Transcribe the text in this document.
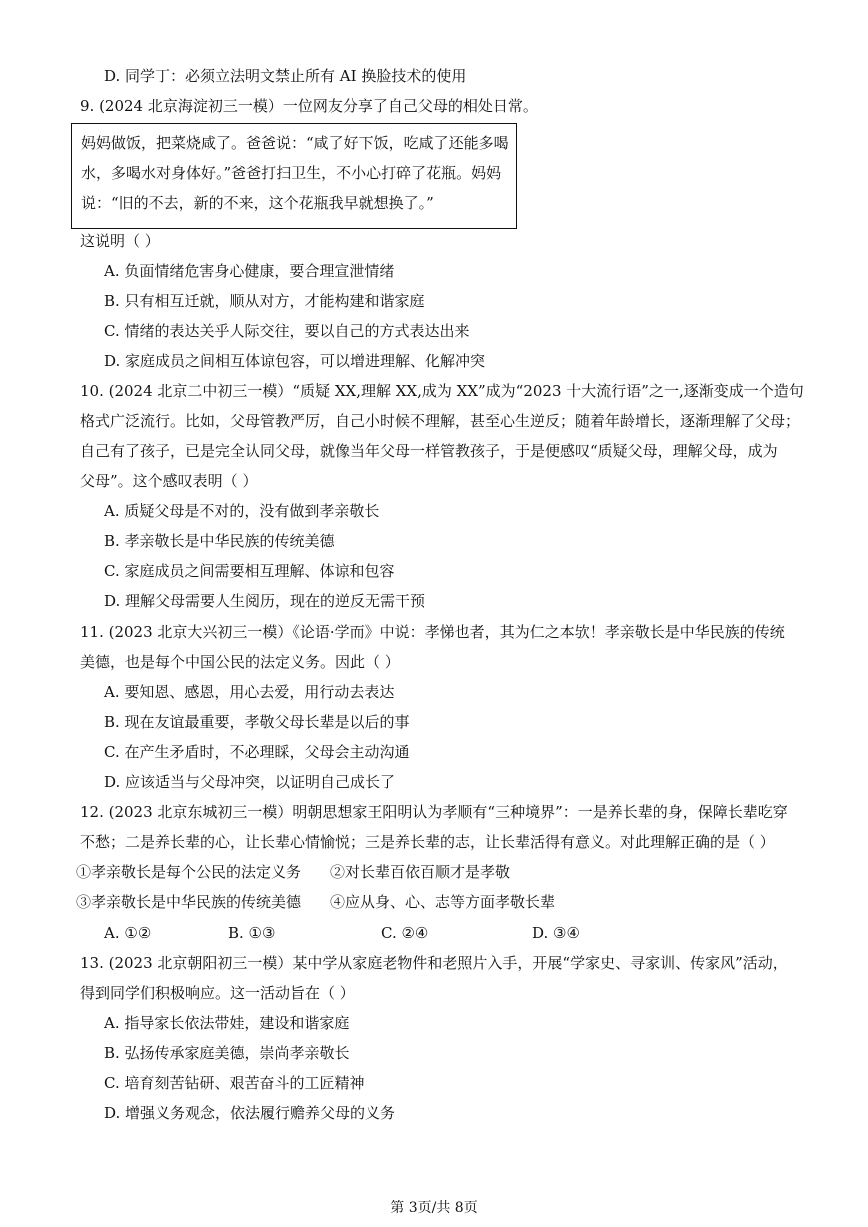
D. 同学丁：必须立法明文禁止所有 AI 换脸技术的使用
9. (2024 北京海淀初三一模）一位网友分享了自己父母的相处日常。
妈妈做饭，把菜烧咸了。爸爸说：“咸了好下饭，吃咸了还能多喝
水，多喝水对身体好。”爸爸打扫卫生，不小心打碎了花瓶。妈妈
说：“旧的不去，新的不来，这个花瓶我早就想换了。”
这说明（ ）
A. 负面情绪危害身心健康，要合理宣泄情绪
B. 只有相互迁就，顺从对方，才能构建和谐家庭
C. 情绪的表达关乎人际交往，要以自己的方式表达出来
D. 家庭成员之间相互体谅包容，可以增进理解、化解冲突
10. (2024 北京二中初三一模）“质疑 XX,理解 XX,成为 XX”成为“2023 十大流行语”之一,逐渐变成一个造句
格式广泛流行。比如，父母管教严厉，自己小时候不理解，甚至心生逆反；随着年龄增长，逐渐理解了父母；
自己有了孩子，已是完全认同父母，就像当年父母一样管教孩子，于是便感叹“质疑父母，理解父母，成为
父母”。这个感叹表明（ ）
A. 质疑父母是不对的，没有做到孝亲敬长
B. 孝亲敬长是中华民族的传统美德
C. 家庭成员之间需要相互理解、体谅和包容
D. 理解父母需要人生阅历，现在的逆反无需干预
11. (2023 北京大兴初三一模）《论语·学而》中说：孝悌也者，其为仁之本欤！孝亲敬长是中华民族的传统
美德，也是每个中国公民的法定义务。因此（ ）
A. 要知恩、感恩，用心去爱，用行动去表达
B. 现在友谊最重要，孝敬父母长辈是以后的事
C. 在产生矛盾时，不必理睬，父母会主动沟通
D. 应该适当与父母冲突，以证明自己成长了
12. (2023 北京东城初三一模）明朝思想家王阳明认为孝顺有“三种境界”：一是养长辈的身，保障长辈吃穿
不愁；二是养长辈的心，让长辈心情愉悦；三是养长辈的志，让长辈活得有意义。对此理解正确的是（ ）
①孝亲敬长是每个公民的法定义务 ②对长辈百依百顺才是孝敬
③孝亲敬长是中华民族的传统美德 ④应从身、心、志等方面孝敬长辈
A. ①②	B. ①③	C. ②④	D. ③④
13. (2023 北京朝阳初三一模）某中学从家庭老物件和老照片入手，开展“学家史、寻家训、传家风”活动，
得到同学们积极响应。这一活动旨在（ ）
A. 指导家长依法带娃，建设和谐家庭
B. 弘扬传承家庭美德，崇尚孝亲敬长
C. 培育刻苦钻研、艰苦奋斗的工匠精神
D. 增强义务观念，依法履行赡养父母的义务
第 3页/共 8页
